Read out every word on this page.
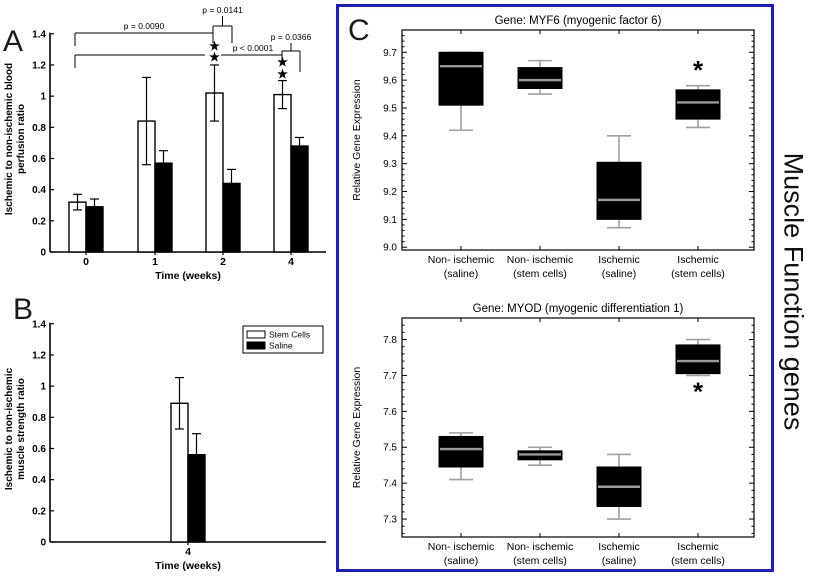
A
0
0.2
0.4
0.6
0.8
1
1.2
1.4
0	1	2	4
Time (weeks)
Ischemic to non-ischemic blood perfusion ratio
p = 0.0090
p = 0.0141
p < 0.0001
p = 0.0366
★
★	★
★
B
0
0.2
0.4
0.6
0.8
1
1.2
1.4
4
Time (weeks)
Ischemic to non-ischemic muscle strength ratio
Stem Cells
Saline
C
9.0
9.1
9.2
9.3
9.4
9.5
9.6
9.7
Gene: MYF6 (myogenic factor 6)
Relative Gene Expression
Non- ischemic
(saline)
Non- ischemic
(stem cells)
Ischemic
(saline)
*
Ischemic
(stem cells)
7.3
7.4
7.5
7.6
7.7
7.8
Gene: MYOD (myogenic differentiation 1)
Relative Gene Expression
Non- ischemic
(saline)
Non- ischemic
(stem cells)
Ischemic
(saline)
*
Ischemic
(stem cells)
Muscle Function genes
